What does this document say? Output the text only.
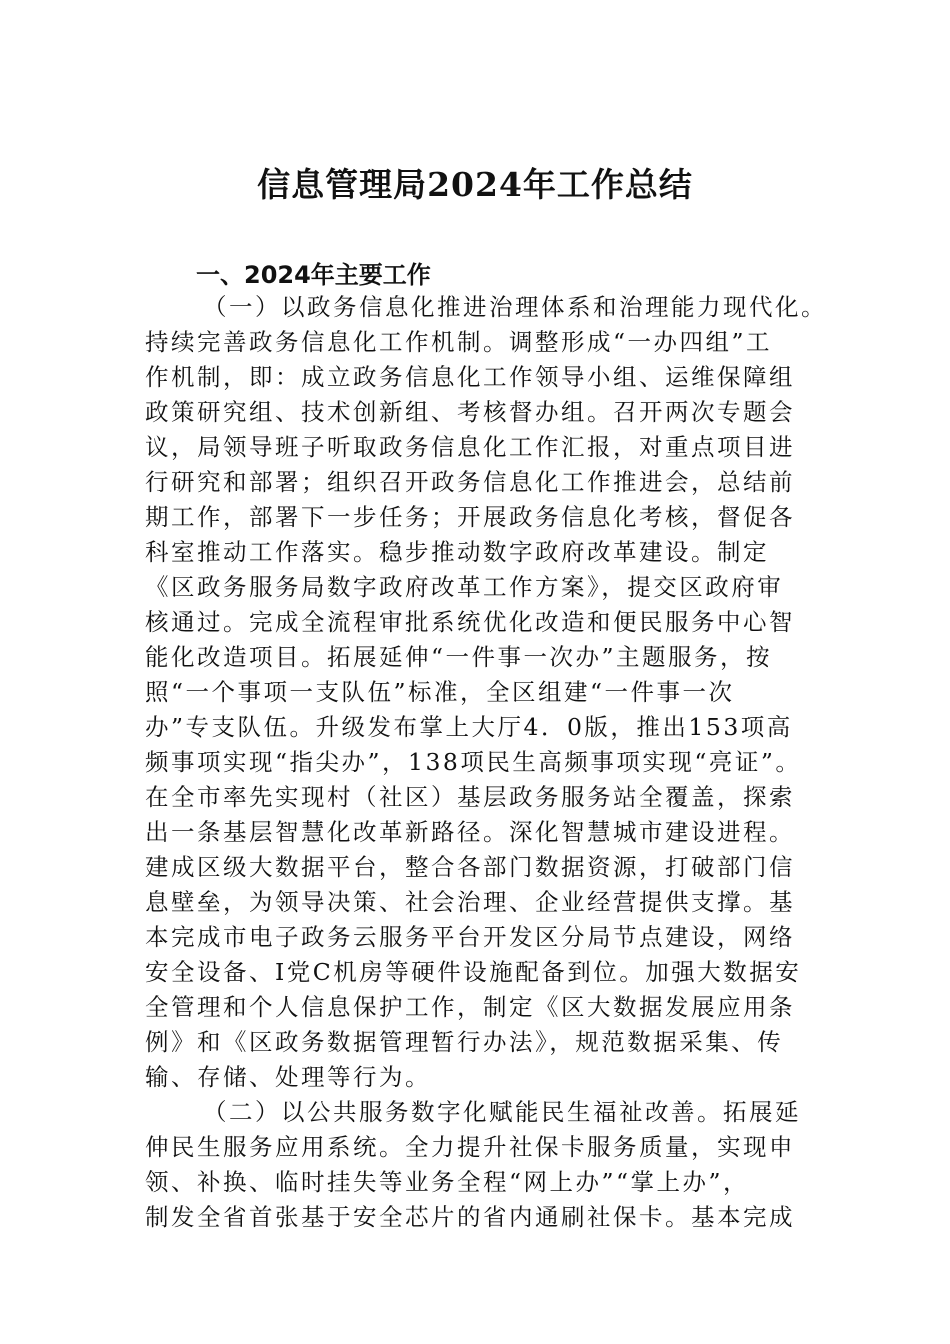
信息管理局2024年工作总结
一、2024年主要工作
（一）以政务信息化推进治理体系和治理能力现代化。
持续完善政务信息化工作机制。调整形成“一办四组”工
作机制，即：成立政务信息化工作领导小组、运维保障组
政策研究组、技术创新组、考核督办组。召开两次专题会
议，局领导班子听取政务信息化工作汇报，对重点项目进
行研究和部署；组织召开政务信息化工作推进会，总结前
期工作，部署下一步任务；开展政务信息化考核，督促各
科室推动工作落实。稳步推动数字政府改革建设。制定
《区政务服务局数字政府改革工作方案》，提交区政府审
核通过。完成全流程审批系统优化改造和便民服务中心智
能化改造项目。拓展延伸“一件事一次办”主题服务，按
照“一个事项一支队伍”标准，全区组建“一件事一次
办”专支队伍。升级发布掌上大厅4．0版，推出153项高
频事项实现“指尖办”，138项民生高频事项实现“亮证”。
在全市率先实现村（社区）基层政务服务站全覆盖，探索
出一条基层智慧化改革新路径。深化智慧城市建设进程。
建成区级大数据平台，整合各部门数据资源，打破部门信
息壁垒，为领导决策、社会治理、企业经营提供支撑。基
本完成市电子政务云服务平台开发区分局节点建设，网络
安全设备、I党C机房等硬件设施配备到位。加强大数据安
全管理和个人信息保护工作，制定《区大数据发展应用条
例》和《区政务数据管理暂行办法》，规范数据采集、传
输、存储、处理等行为。
（二）以公共服务数字化赋能民生福祉改善。拓展延
伸民生服务应用系统。全力提升社保卡服务质量，实现申
领、补换、临时挂失等业务全程“网上办”“掌上办”，
制发全省首张基于安全芯片的省内通刷社保卡。基本完成
